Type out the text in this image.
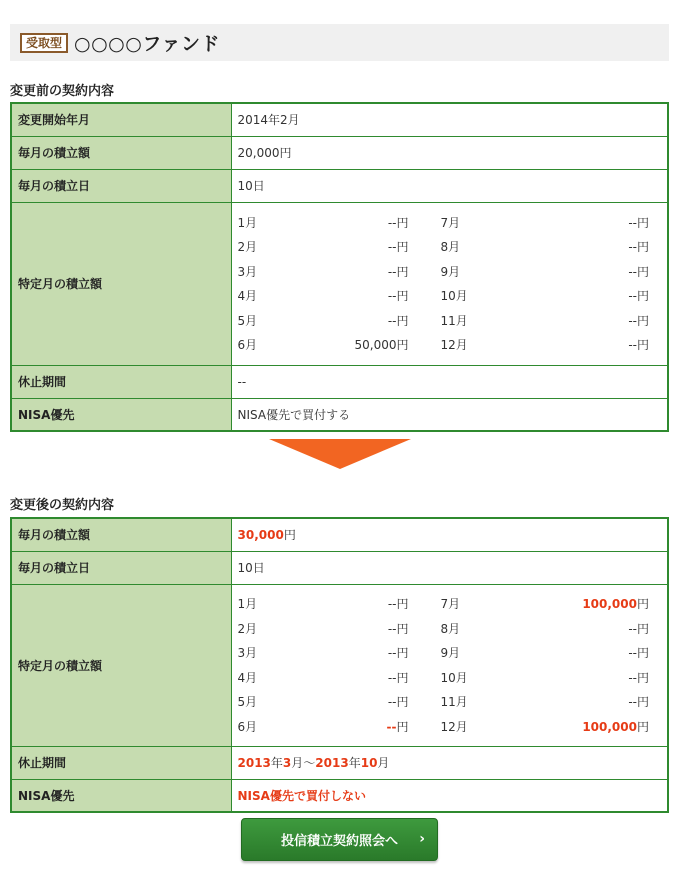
受取型 ○○○○ファンド
変更前の契約内容
変更開始年月	2014年2月
毎月の積立額	20,000円
毎月の積立日	10日
特定月の積立額	
1月	--円	7月	--円
2月	--円	8月	--円
3月	--円	9月	--円
4月	--円	10月	--円
5月	--円	11月	--円
6月	50,000円	12月	--円

休止期間	--
NISA優先	NISA優先で買付する
変更後の契約内容
毎月の積立額	30,000円
毎月の積立日	10日
特定月の積立額	
1月	--円	7月	100,000円
2月	--円	8月	--円
3月	--円	9月	--円
4月	--円	10月	--円
5月	--円	11月	--円
6月	--円	12月	100,000円

休止期間	2013年3月～2013年10月
NISA優先	NISA優先で買付しない
投信積立契約照会へ ›
